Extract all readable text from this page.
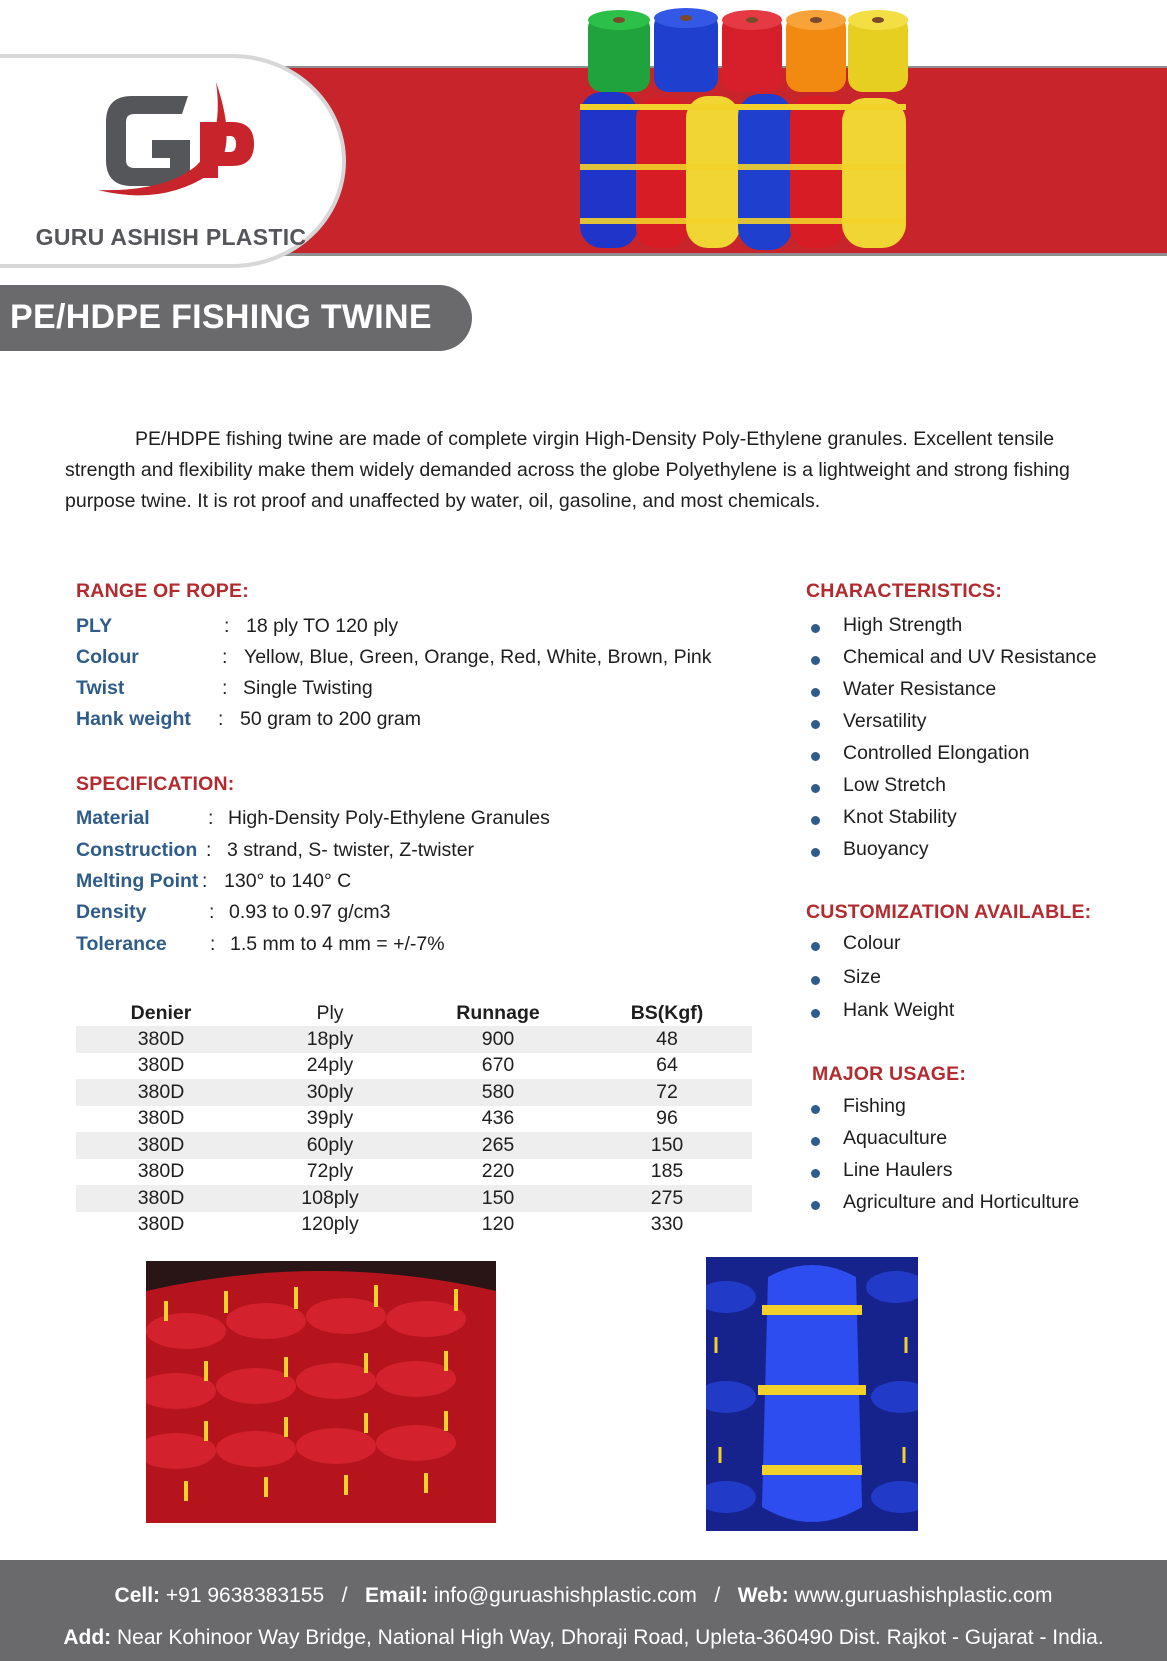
GURU ASHISH PLASTIC
PE/HDPE FISHING TWINE

PE/HDPE fishing twine are made of complete virgin High-Density Poly-Ethylene granules. Excellent tensile strength and flexibility make them widely demanded across the globe Polyethylene is a lightweight and strong fishing purpose twine. It is rot proof and unaffected by water, oil, gasoline, and most chemicals.

RANGE OF ROPE:
PLY	: 18 ply TO 120 ply
Colour	: Yellow, Blue, Green, Orange, Red, White, Brown, Pink
Twist	: Single Twisting
Hank weight : 50 gram to 200 gram
SPECIFICATION:
Material	: High-Density Poly-Ethylene Granules
Construction : 3 strand, S- twister, Z-twister
Melting Point : 130° to 140° C
Density	: 0.93 to 0.97 g/cm3
Tolerance : 1.5 mm to 4 mm = +/-7%
Denier	Ply	Runnage	BS(Kgf)
380D	18ply	900	48
380D	24ply	670	64
380D	30ply	580	72
380D	39ply	436	96
380D	60ply	265	150
380D	72ply	220	185
380D	108ply	150	275
380D	120ply	120	330
CHARACTERISTICS:
High Strength
Chemical and UV Resistance
Water Resistance
Versatility
Controlled Elongation
Low Stretch
Knot Stability
Buoyancy
CUSTOMIZATION AVAILABLE:
Colour
Size
Hank Weight
MAJOR USAGE:
Fishing
Aquaculture
Line Haulers
Agriculture and Horticulture
Cell: +91 9638383155 / Email: info@guruashishplastic.com / Web: www.guruashishplastic.com
Add: Near Kohinoor Way Bridge, National High Way, Dhoraji Road, Upleta-360490 Dist. Rajkot - Gujarat - India.
